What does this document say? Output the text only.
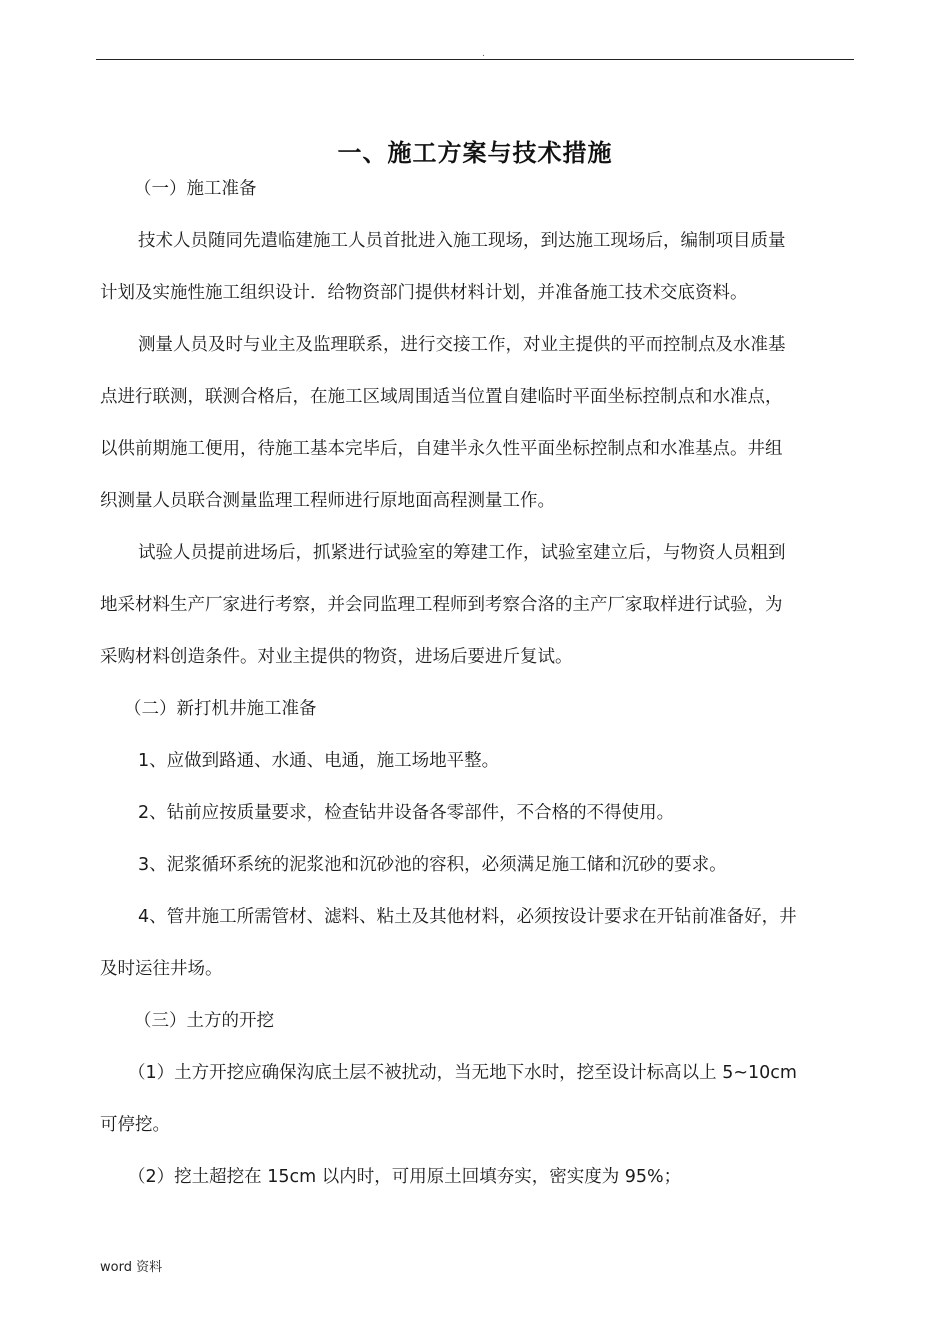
.
一、施工方案与技术措施
（一）施工准备
技术人员随同先遣临建施工人员首批进入施工现场，到达施工现场后，编制项目质量
计划及实施性施工组织设计．给物资部门提供材料计划，并准备施工技术交底资料。
测量人员及时与业主及监理联系，进行交接工作，对业主提供的平而控制点及水准基
点进行联测，联测合格后，在施工区域周围适当位置自建临时平面坐标控制点和水准点，
以供前期施工便用，待施工基本完毕后，自建半永久性平面坐标控制点和水准基点。井组
织测量人员联合测量监理工程师进行原地面高程测量工作。
试验人员提前进场后，抓紧进行试验室的筹建工作，试验室建立后，与物资人员粗到
地采材料生产厂家进行考察，并会同监理工程师到考察合洛的主产厂家取样进行试验，为
采购材料创造条件。对业主提供的物资，进场后要进斤复试。
（二）新打机井施工准备
1、应做到路通、水通、电通，施工场地平整。
2、钻前应按质量要求，检查钻井设备各零部件，不合格的不得使用。
3、泥浆循环系统的泥浆池和沉砂池的容积，必须满足施工储和沉砂的要求。
4、管井施工所需管材、滤料、粘土及其他材料，必须按设计要求在开钻前准备好，井
及时运往井场。
（三）土方的开挖
（1）土方开挖应确保沟底土层不被扰动，当无地下水时，挖至设计标高以上 5~10cm
可停挖。
（2）挖土超挖在 15cm 以内时，可用原土回填夯实，密实度为 95%；
word 资料
